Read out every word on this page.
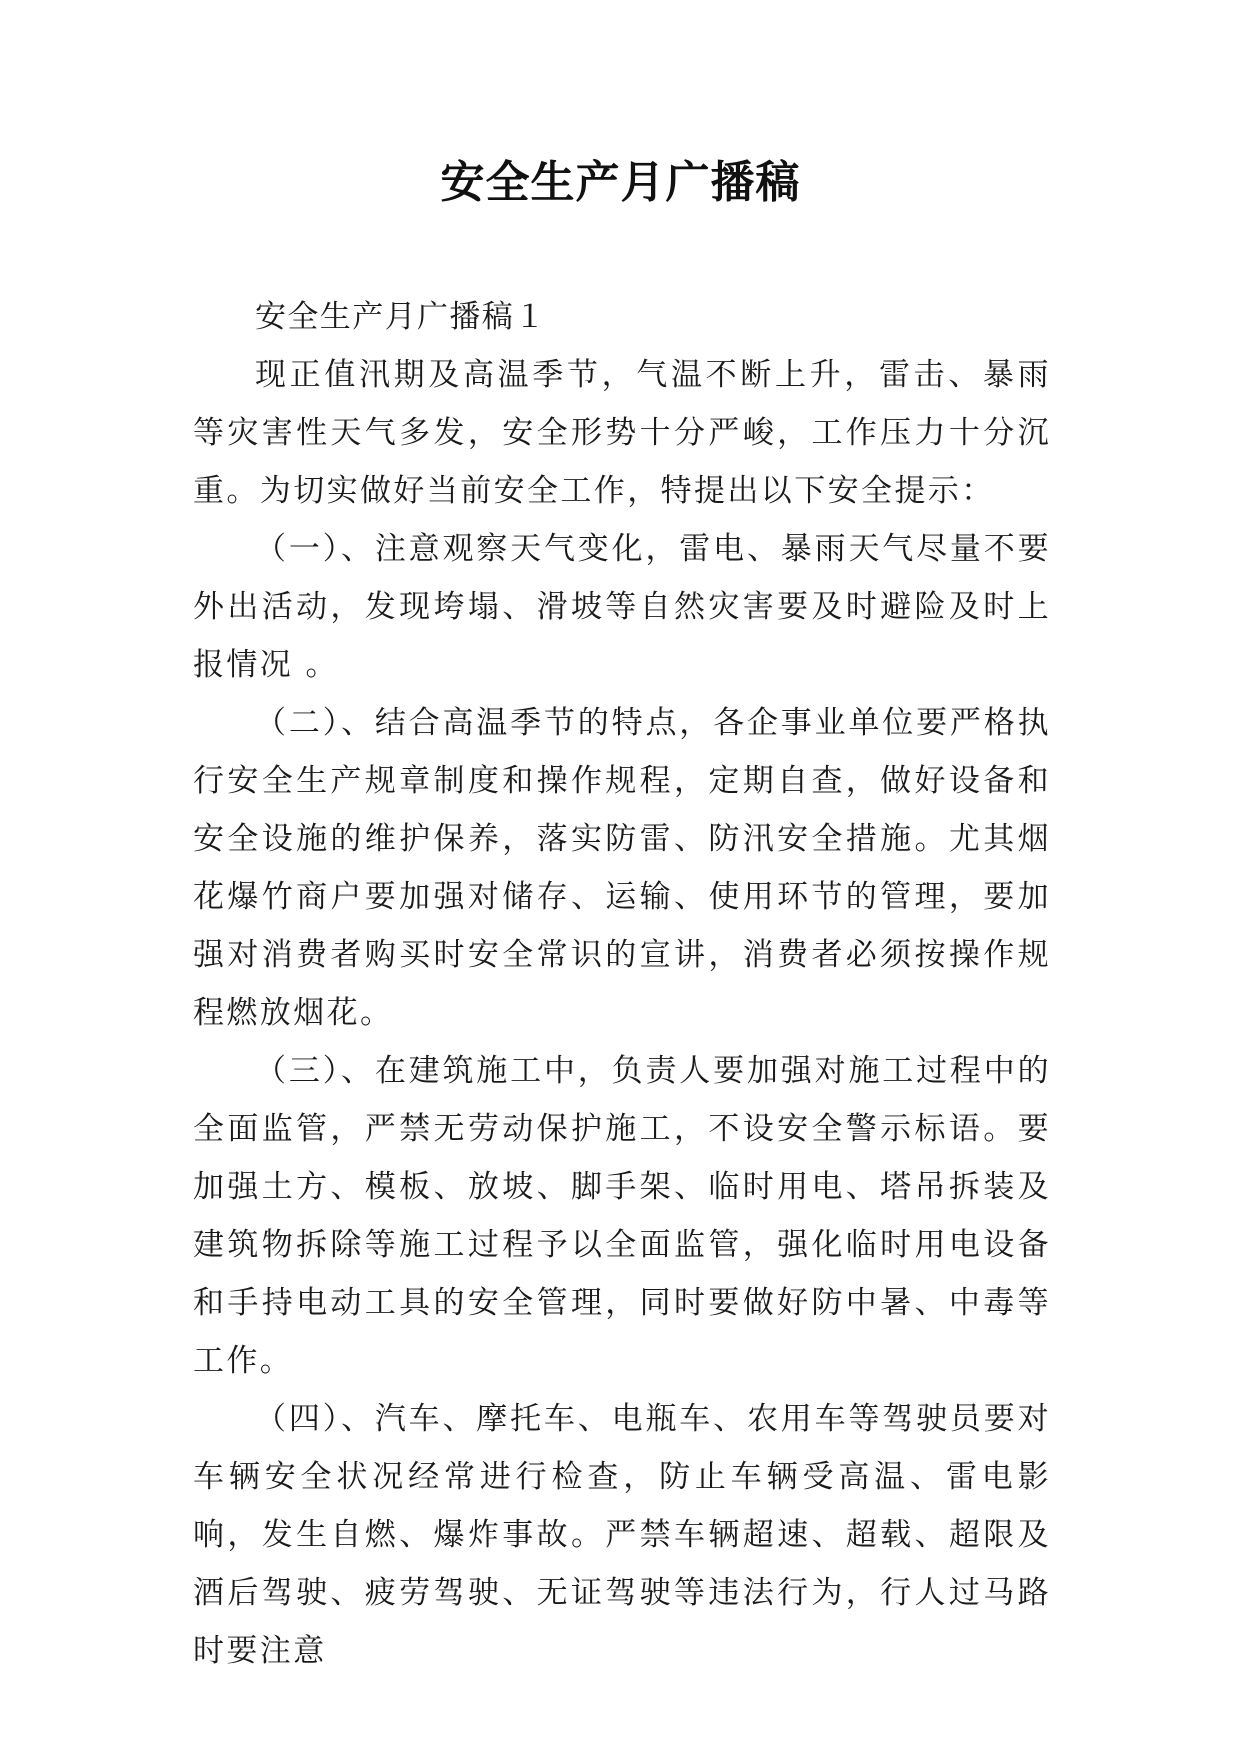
安全生产月广播稿

安全生产月广播稿１

现正值汛期及高温季节，气温不断上升，雷击、暴雨等灾害性天气多发，安全形势十分严峻，工作压力十分沉重。为切实做好当前安全工作，特提出以下安全提示：

（一）、注意观察天气变化，雷电、暴雨天气尽量不要外出活动，发现垮塌、滑坡等自然灾害要及时避险及时上报情况 。

（二）、结合高温季节的特点，各企事业单位要严格执行安全生产规章制度和操作规程，定期自查，做好设备和安全设施的维护保养，落实防雷、防汛安全措施。尤其烟花爆竹商户要加强对储存、运输、使用环节的管理，要加强对消费者购买时安全常识的宣讲，消费者必须按操作规程燃放烟花。

（三）、在建筑施工中，负责人要加强对施工过程中的全面监管，严禁无劳动保护施工，不设安全警示标语。要加强土方、模板、放坡、脚手架、临时用电、塔吊拆装及建筑物拆除等施工过程予以全面监管，强化临时用电设备和手持电动工具的安全管理，同时要做好防中暑、中毒等工作。

（四）、汽车、摩托车、电瓶车、农用车等驾驶员要对车辆安全状况经常进行检查，防止车辆受高温、雷电影响，发生自燃、爆炸事故。严禁车辆超速、超载、超限及酒后驾驶、疲劳驾驶、无证驾驶等违法行为，行人过马路时要注意
